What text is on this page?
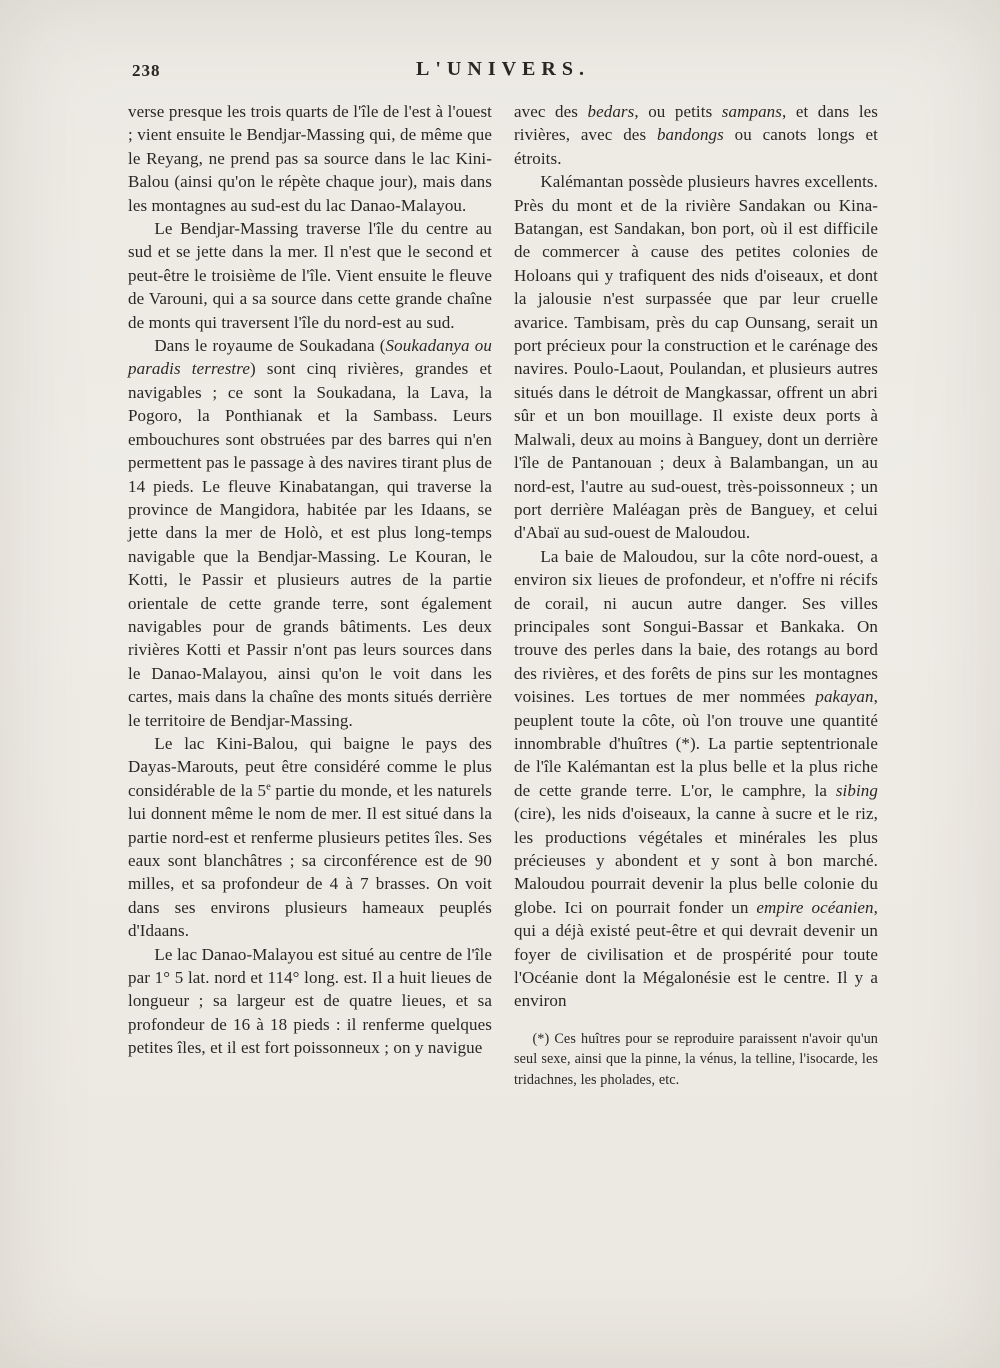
238	L'UNIVERS.

verse presque les trois quarts de l'île de l'est à l'ouest ; vient ensuite le Bendjar-Massing qui, de même que le Reyang, ne prend pas sa source dans le lac Kini-Balou (ainsi qu'on le répète chaque jour), mais dans les montagnes au sud-est du lac Danao-Malayou.

Le Bendjar-Massing traverse l'île du centre au sud et se jette dans la mer. Il n'est que le second et peut-être le troisième de l'île. Vient ensuite le fleuve de Varouni, qui a sa source dans cette grande chaîne de monts qui traversent l'île du nord-est au sud.

Dans le royaume de Soukadana (Soukadanya ou paradis terrestre) sont cinq rivières, grandes et navigables ; ce sont la Soukadana, la Lava, la Pogoro, la Ponthianak et la Sambass. Leurs embouchures sont obstruées par des barres qui n'en permettent pas le passage à des navires tirant plus de 14 pieds. Le fleuve Kinabatangan, qui traverse la province de Mangidora, habitée par les Idaans, se jette dans la mer de Holò, et est plus long-temps navigable que la Bendjar-Massing. Le Kouran, le Kotti, le Passir et plusieurs autres de la partie orientale de cette grande terre, sont également navigables pour de grands bâtiments. Les deux rivières Kotti et Passir n'ont pas leurs sources dans le Danao-Malayou, ainsi qu'on le voit dans les cartes, mais dans la chaîne des monts situés derrière le territoire de Bendjar-Massing.

Le lac Kini-Balou, qui baigne le pays des Dayas-Marouts, peut être considéré comme le plus considérable de la 5e partie du monde, et les naturels lui donnent même le nom de mer. Il est situé dans la partie nord-est et renferme plusieurs petites îles. Ses eaux sont blanchâtres ; sa circonférence est de 90 milles, et sa profondeur de 4 à 7 brasses. On voit dans ses environs plusieurs hameaux peuplés d'Idaans.

Le lac Danao-Malayou est situé au centre de l'île par 1° 5 lat. nord et 114° long. est. Il a huit lieues de longueur ; sa largeur est de quatre lieues, et sa profondeur de 16 à 18 pieds : il renferme quelques petites îles, et il est fort poissonneux ; on y navigue

avec des bedars, ou petits sampans, et dans les rivières, avec des bandongs ou canots longs et étroits.

Kalémantan possède plusieurs havres excellents. Près du mont et de la rivière Sandakan ou Kina-Batangan, est Sandakan, bon port, où il est difficile de commercer à cause des petites colonies de Holoans qui y trafiquent des nids d'oiseaux, et dont la jalousie n'est surpassée que par leur cruelle avarice. Tambisam, près du cap Ounsang, serait un port précieux pour la construction et le carénage des navires. Poulo-Laout, Poulandan, et plusieurs autres situés dans le détroit de Mangkassar, offrent un abri sûr et un bon mouillage. Il existe deux ports à Malwali, deux au moins à Banguey, dont un derrière l'île de Pantanouan ; deux à Balambangan, un au nord-est, l'autre au sud-ouest, très-poissonneux ; un port derrière Maléagan près de Banguey, et celui d'Abaï au sud-ouest de Maloudou.

La baie de Maloudou, sur la côte nord-ouest, a environ six lieues de profondeur, et n'offre ni récifs de corail, ni aucun autre danger. Ses villes principales sont Songui-Bassar et Bankaka. On trouve des perles dans la baie, des rotangs au bord des rivières, et des forêts de pins sur les montagnes voisines. Les tortues de mer nommées pakayan, peuplent toute la côte, où l'on trouve une quantité innombrable d'huîtres (*). La partie septentrionale de l'île Kalémantan est la plus belle et la plus riche de cette grande terre. L'or, le camphre, la sibing (cire), les nids d'oiseaux, la canne à sucre et le riz, les productions végétales et minérales les plus précieuses y abondent et y sont à bon marché. Maloudou pourrait devenir la plus belle colonie du globe. Ici on pourrait fonder un empire océanien, qui a déjà existé peut-être et qui devrait devenir un foyer de civilisation et de prospérité pour toute l'Océanie dont la Mégalonésie est le centre. Il y a environ

(*) Ces huîtres pour se reproduire paraissent n'avoir qu'un seul sexe, ainsi que la pinne, la vénus, la telline, l'isocarde, les tridachnes, les pholades, etc.
